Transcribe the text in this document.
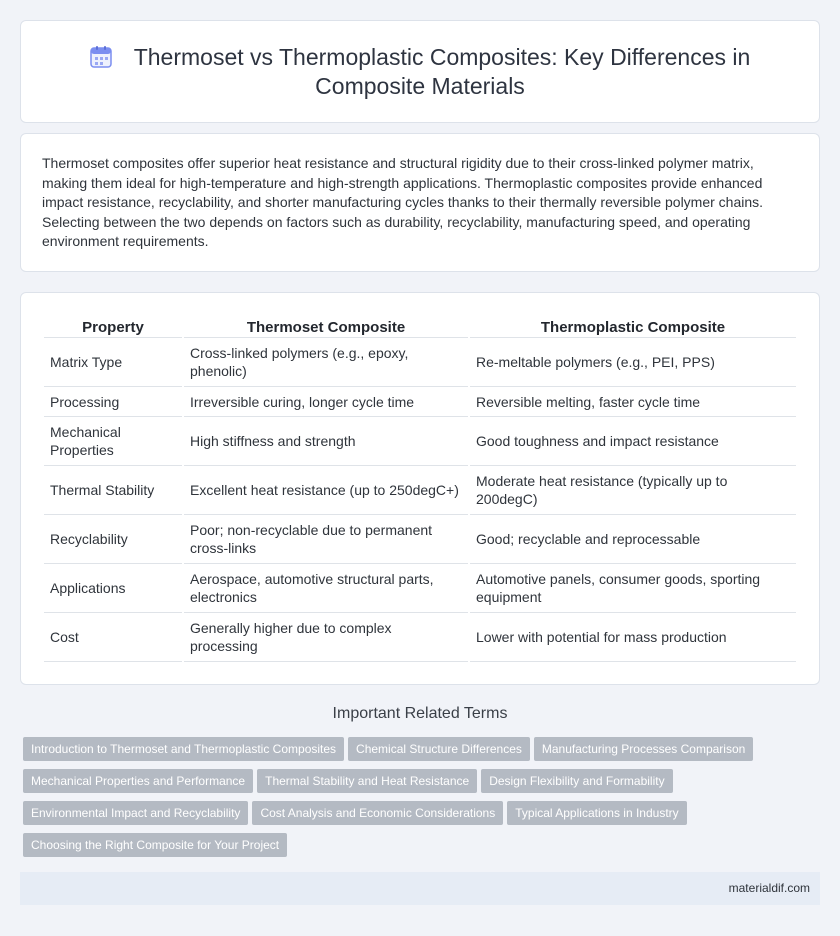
Thermoset vs Thermoplastic Composites: Key Differences in Composite Materials

Thermoset composites offer superior heat resistance and structural rigidity due to their cross-linked polymer matrix, making them ideal for high-temperature and high-strength applications. Thermoplastic composites provide enhanced impact resistance, recyclability, and shorter manufacturing cycles thanks to their thermally reversible polymer chains. Selecting between the two depends on factors such as durability, recyclability, manufacturing speed, and operating environment requirements.

Property	Thermoset Composite	Thermoplastic Composite
Matrix Type	Cross-linked polymers (e.g., epoxy, phenolic)	Re-meltable polymers (e.g., PEI, PPS)
Processing	Irreversible curing, longer cycle time	Reversible melting, faster cycle time
Mechanical Properties	High stiffness and strength	Good toughness and impact resistance
Thermal Stability	Excellent heat resistance (up to 250degC+)	Moderate heat resistance (typically up to 200degC)
Recyclability	Poor; non-recyclable due to permanent cross-links	Good; recyclable and reprocessable
Applications	Aerospace, automotive structural parts, electronics	Automotive panels, consumer goods, sporting equipment
Cost	Generally higher due to complex processing	Lower with potential for mass production
Important Related Terms
Introduction to Thermoset and Thermoplastic Composites Chemical Structure Differences Manufacturing Processes Comparison Mechanical Properties and Performance Thermal Stability and Heat Resistance Design Flexibility and Formability Environmental Impact and Recyclability Cost Analysis and Economic Considerations Typical Applications in Industry Choosing the Right Composite for Your Project
materialdif.com
